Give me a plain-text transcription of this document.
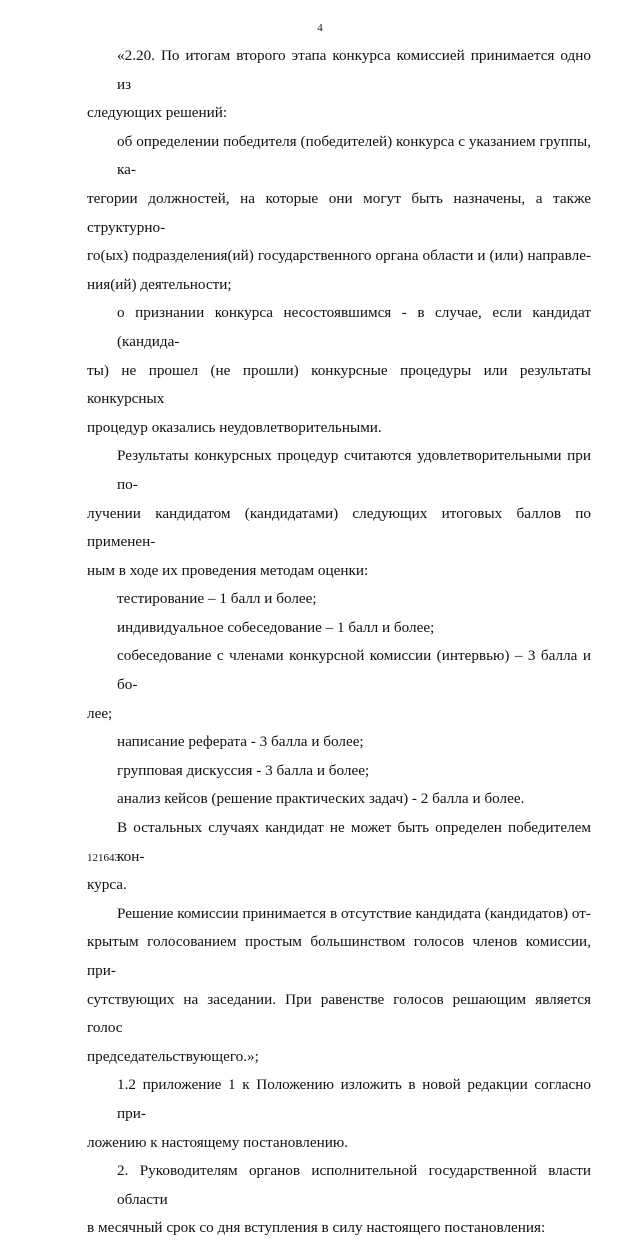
4

«2.20. По итогам второго этапа конкурса комиссией принимается одно из
следующих решений:

об определении победителя (победителей) конкурса с указанием группы, ка-
тегории должностей, на которые они могут быть назначены, а также структурно-
го(ых) подразделения(ий) государственного органа области и (или) направле-
ния(ий) деятельности;

о признании конкурса несостоявшимся - в случае, если кандидат (кандида-
ты) не прошел (не прошли) конкурсные процедуры или результаты конкурсных
процедур оказались неудовлетворительными.

Результаты конкурсных процедур считаются удовлетворительными при по-
лучении кандидатом (кандидатами) следующих итоговых баллов по применен-
ным в ходе их проведения методам оценки:

тестирование – 1 балл и более;

индивидуальное собеседование – 1 балл и более;

собеседование с членами конкурсной комиссии (интервью) – 3 балла и бо-
лее;

написание реферата - 3 балла и более;

групповая дискуссия - 3 балла и более;

анализ кейсов (решение практических задач) - 2 балла и более.

В остальных случаях кандидат не может быть определен победителем кон-
курса.

Решение комиссии принимается в отсутствие кандидата (кандидатов) от-
крытым голосованием простым большинством голосов членов комиссии, при-
сутствующих на заседании. При равенстве голосов решающим является голос
председательствующего.»;

1.2 приложение 1 к Положению изложить в новой редакции согласно при-
ложению к настоящему постановлению.

2. Руководителям органов исполнительной государственной власти области
в месячный срок со дня вступления в силу настоящего постановления:

121643
